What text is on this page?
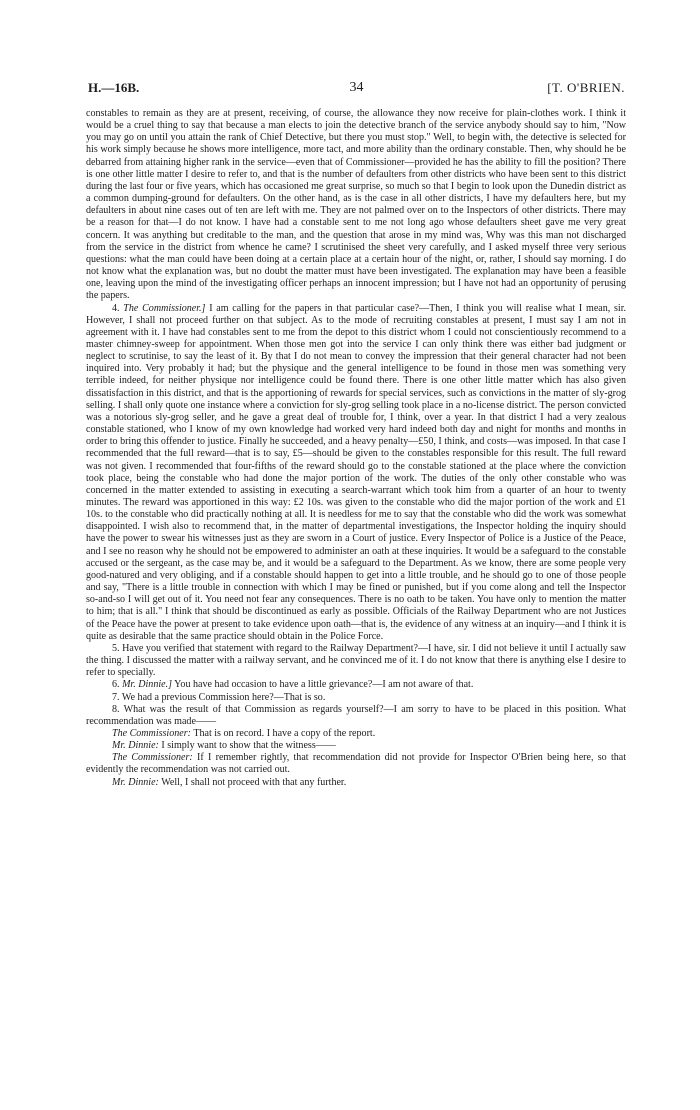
H.—16B.	34	[T. O'BRIEN.

constables to remain as they are at present, receiving, of course, the allowance they now receive for plain-clothes work. I think it would be a cruel thing to say that because a man elects to join the detective branch of the service anybody should say to him, "Now you may go on until you attain the rank of Chief Detective, but there you must stop." Well, to begin with, the detective is selected for his work simply because he shows more intelligence, more tact, and more ability than the ordinary constable. Then, why should he be debarred from attaining higher rank in the service—even that of Commissioner—provided he has the ability to fill the position? There is one other little matter I desire to refer to, and that is the number of defaulters from other districts who have been sent to this district during the last four or five years, which has occasioned me great surprise, so much so that I begin to look upon the Dunedin district as a common dumping-ground for defaulters. On the other hand, as is the case in all other districts, I have my defaulters here, but my defaulters in about nine cases out of ten are left with me. They are not palmed over on to the Inspectors of other districts. There may be a reason for that—I do not know. I have had a constable sent to me not long ago whose defaulters sheet gave me very great concern. It was anything but creditable to the man, and the question that arose in my mind was, Why was this man not discharged from the service in the district from whence he came? I scrutinised the sheet very carefully, and I asked myself three very serious questions: what the man could have been doing at a certain place at a certain hour of the night, or, rather, I should say morning. I do not know what the explanation was, but no doubt the matter must have been investigated. The explanation may have been a feasible one, leaving upon the mind of the investigating officer perhaps an innocent impression; but I have not had an opportunity of perusing the papers.

4. The Commissioner.] I am calling for the papers in that particular case?—Then, I think you will realise what I mean, sir. However, I shall not proceed further on that subject. As to the mode of recruiting constables at present, I must say I am not in agreement with it. I have had constables sent to me from the depot to this district whom I could not conscientiously recommend to a master chimney-sweep for appointment. When those men got into the service I can only think there was either bad judgment or neglect to scrutinise, to say the least of it. By that I do not mean to convey the impression that their general character had not been inquired into. Very probably it had; but the physique and the general intelligence to be found in those men was something very terrible indeed, for neither physique nor intelligence could be found there. There is one other little matter which has also given dissatisfaction in this district, and that is the apportioning of rewards for special services, such as convictions in the matter of sly-grog selling. I shall only quote one instance where a conviction for sly-grog selling took place in a no-license district. The person convicted was a notorious sly-grog seller, and he gave a great deal of trouble for, I think, over a year. In that district I had a very zealous constable stationed, who I know of my own knowledge had worked very hard indeed both day and night for months and months in order to bring this offender to justice. Finally he succeeded, and a heavy penalty—£50, I think, and costs—was imposed. In that case I recommended that the full reward—that is to say, £5—should be given to the constables responsible for this result. The full reward was not given. I recommended that four-fifths of the reward should go to the constable stationed at the place where the conviction took place, being the constable who had done the major portion of the work. The duties of the only other constable who was concerned in the matter extended to assisting in executing a search-warrant which took him from a quarter of an hour to twenty minutes. The reward was apportioned in this way: £2 10s. was given to the constable who did the major portion of the work and £1 10s. to the constable who did practically nothing at all. It is needless for me to say that the constable who did the work was somewhat disappointed. I wish also to recommend that, in the matter of departmental investigations, the Inspector holding the inquiry should have the power to swear his witnesses just as they are sworn in a Court of justice. Every Inspector of Police is a Justice of the Peace, and I see no reason why he should not be empowered to administer an oath at these inquiries. It would be a safeguard to the constable accused or the sergeant, as the case may be, and it would be a safeguard to the Department. As we know, there are some people very good-natured and very obliging, and if a constable should happen to get into a little trouble, and he should go to one of those people and say, "There is a little trouble in connection with which I may be fined or punished, but if you come along and tell the Inspector so-and-so I will get out of it. You need not fear any consequences. There is no oath to be taken. You have only to mention the matter to him; that is all." I think that should be discontinued as early as possible. Officials of the Railway Department who are not Justices of the Peace have the power at present to take evidence upon oath—that is, the evidence of any witness at an inquiry—and I think it is quite as desirable that the same practice should obtain in the Police Force.

5. Have you verified that statement with regard to the Railway Department?—I have, sir. I did not believe it until I actually saw the thing. I discussed the matter with a railway servant, and he convinced me of it. I do not know that there is anything else I desire to refer to specially.

6. Mr. Dinnie.] You have had occasion to have a little grievance?—I am not aware of that.

7. We had a previous Commission here?—That is so.

8. What was the result of that Commission as regards yourself?—I am sorry to have to be placed in this position. What recommendation was made——

The Commissioner: That is on record. I have a copy of the report.

Mr. Dinnie: I simply want to show that the witness——

The Commissioner: If I remember rightly, that recommendation did not provide for Inspector O'Brien being here, so that evidently the recommendation was not carried out.

Mr. Dinnie: Well, I shall not proceed with that any further.
